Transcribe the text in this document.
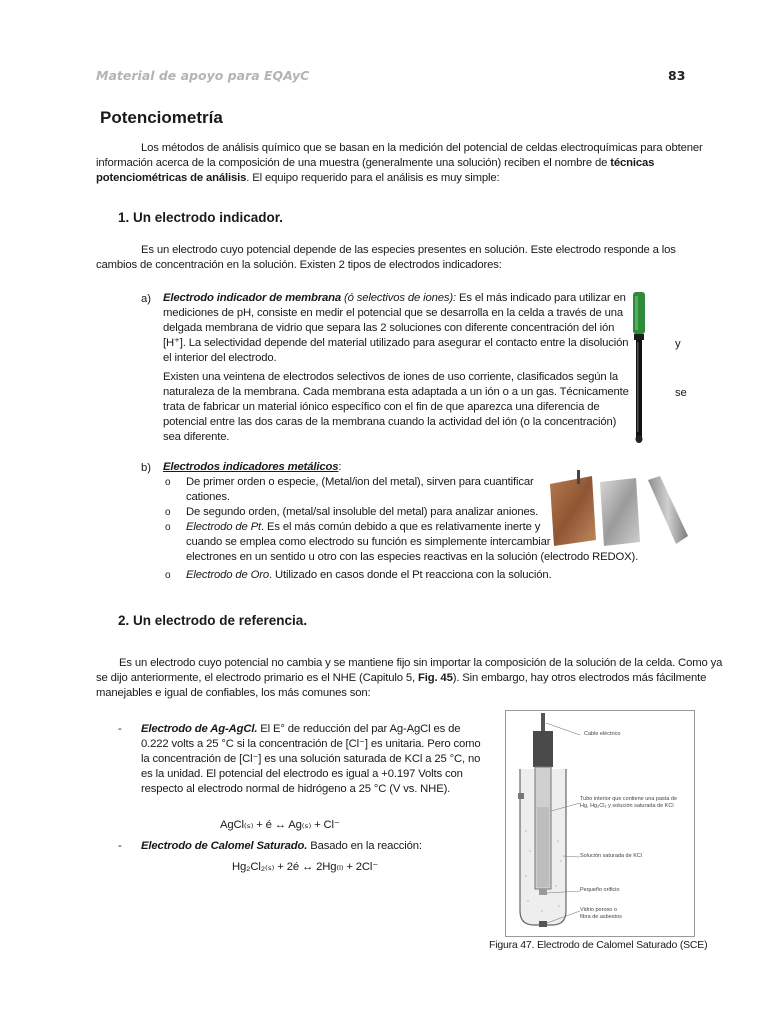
Material de apoyo para EQAyC	83
Potenciometría
Los métodos de análisis químico que se basan en la medición del potencial de celdas electroquímicas para obtener
información acerca de la composición de una muestra (generalmente una solución) reciben el nombre de técnicas
potenciométricas de análisis. El equipo requerido para el análisis es muy simple:
1. Un electrodo indicador.
Es un electrodo cuyo potencial depende de las especies presentes en solución. Este electrodo responde a los
cambios de concentración en la solución. Existen 2 tipos de electrodos indicadores:
a) Electrodo indicador de membrana (ó selectivos de iones): Es el más indicado para utilizar en
mediciones de pH, consiste en medir el potencial que se desarrolla en la celda a través de una
delgada membrana de vidrio que separa las 2 soluciones con diferente concentración del ión
[H⁺]. La selectividad depende del material utilizado para asegurar el contacto entre la disolución	y
el interior del electrodo.
Existen una veintena de electrodos selectivos de iones de uso corriente, clasificados según la
naturaleza de la membrana. Cada membrana esta adaptada a un ión o a un gas. Técnicamente	se
trata de fabricar un material iónico específico con el fin de que aparezca una diferencia de
potencial entre las dos caras de la membrana cuando la actividad del ión (o la concentración)
sea diferente.
b) Electrodos indicadores metálicos:
o De primer orden o especie, (Metal/ion del metal), sirven para cuantificar
cationes.
o De segundo orden, (metal/sal insoluble del metal) para analizar aniones.
o Electrodo de Pt. Es el más común debido a que es relativamente inerte y
cuando se emplea como electrodo su función es simplemente intercambiar
electrones en un sentido u otro con las especies reactivas en la solución (electrodo REDOX).
o Electrodo de Oro. Utilizado en casos donde el Pt reacciona con la solución.
2. Un electrodo de referencia.
Es un electrodo cuyo potencial no cambia y se mantiene fijo sin importar la composición de la solución de la celda. Como ya
se dijo anteriormente, el electrodo primario es el NHE (Capitulo 5, Fig. 45). Sin embargo, hay otros electrodos más fácilmente
manejables e igual de confiables, los más comunes son:
- Electrodo de Ag-AgCl. El E° de reducción del par Ag-AgCl es de
0.222 volts a 25 °C si la concentración de [Cl⁻] es unitaria. Pero como
la concentración de [Cl⁻] es una solución saturada de KCl a 25 °C, no
es la unidad. El potencial del electrodo es igual a +0.197 Volts con
respecto al electrodo normal de hidrógeno a 25 °C (V vs. NHE).
AgCl₍ₛ₎ + é ↔ Ag₍ₛ₎ + Cl⁻
- Electrodo de Calomel Saturado. Basado en la reacción:
Hg₂Cl₂₍ₛ₎ + 2é ↔ 2Hg₍ₗ₎ + 2Cl⁻
Cable eléctrico
Tubo interior que contiene una pasta de Hg, Hg₂Cl₂ y solución saturada de KCl
Solución saturada de KCl
Pequeño orificio
Vidrio poroso o fibra de asbestos
Figura 47. Electrodo de Calomel Saturado (SCE)
